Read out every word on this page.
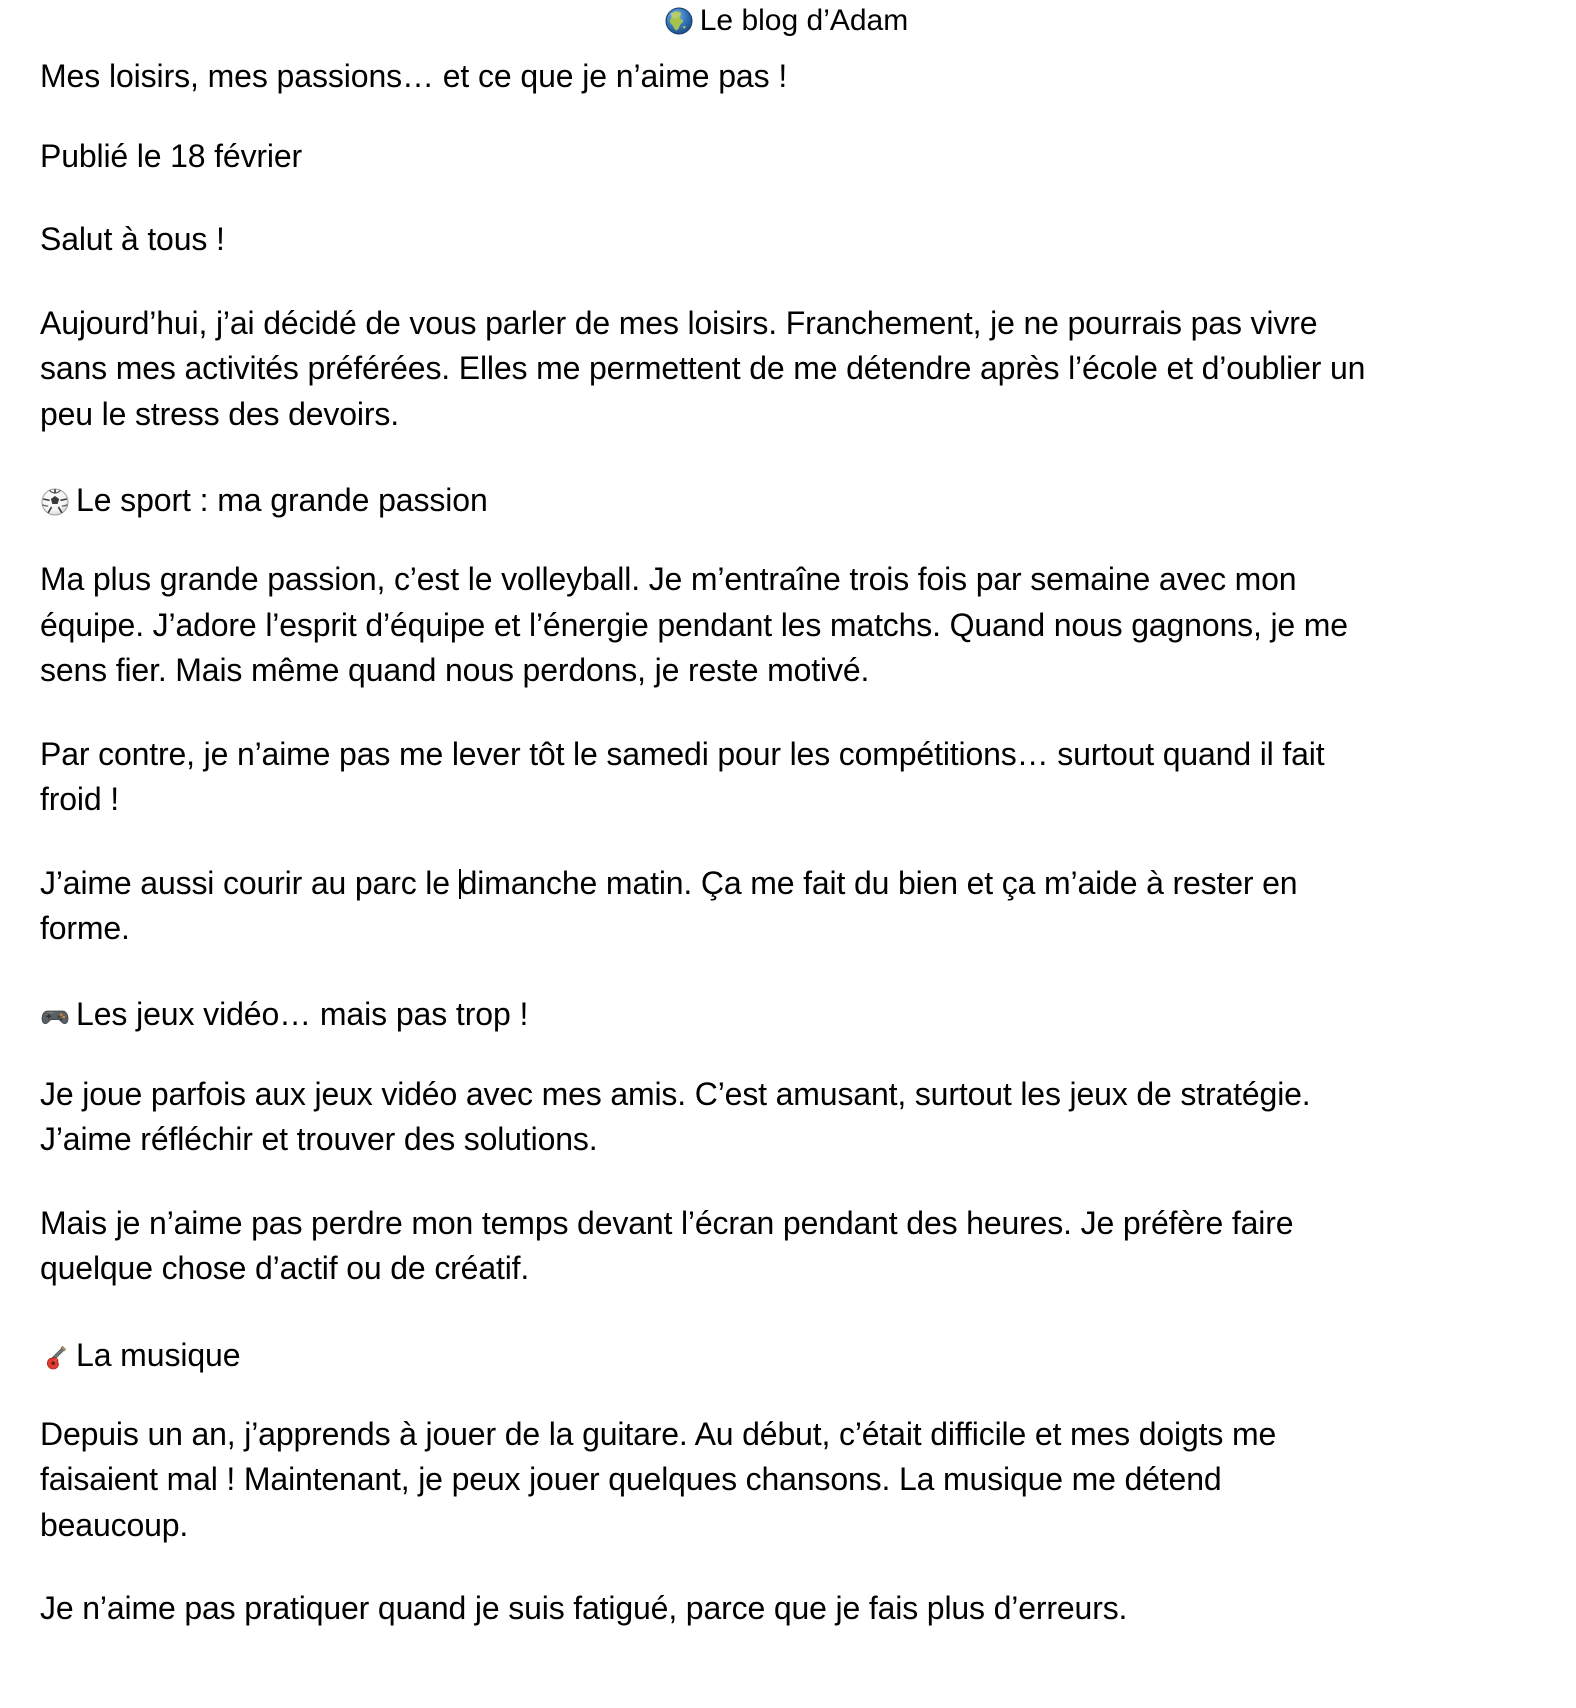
Le blog d’Adam
Mes loisirs, mes passions… et ce que je n’aime pas !
Publié le 18 février
Salut à tous !
Aujourd’hui, j’ai décidé de vous parler de mes loisirs. Franchement, je ne pourrais pas vivre sans mes activités préférées. Elles me permettent de me détendre après l’école et d’oublier un peu le stress des devoirs.
Le sport : ma grande passion
Ma plus grande passion, c’est le volleyball. Je m’entraîne trois fois par semaine avec mon équipe. J’adore l’esprit d’équipe et l’énergie pendant les matchs. Quand nous gagnons, je me sens fier. Mais même quand nous perdons, je reste motivé.
Par contre, je n’aime pas me lever tôt le samedi pour les compétitions… surtout quand il fait froid !
J’aime aussi courir au parc le dimanche matin. Ça me fait du bien et ça m’aide à rester en forme.
Les jeux vidéo… mais pas trop !
Je joue parfois aux jeux vidéo avec mes amis. C’est amusant, surtout les jeux de stratégie. J’aime réfléchir et trouver des solutions.
Mais je n’aime pas perdre mon temps devant l’écran pendant des heures. Je préfère faire quelque chose d’actif ou de créatif.
La musique
Depuis un an, j’apprends à jouer de la guitare. Au début, c’était difficile et mes doigts me faisaient mal ! Maintenant, je peux jouer quelques chansons. La musique me détend beaucoup.
Je n’aime pas pratiquer quand je suis fatigué, parce que je fais plus d’erreurs.
